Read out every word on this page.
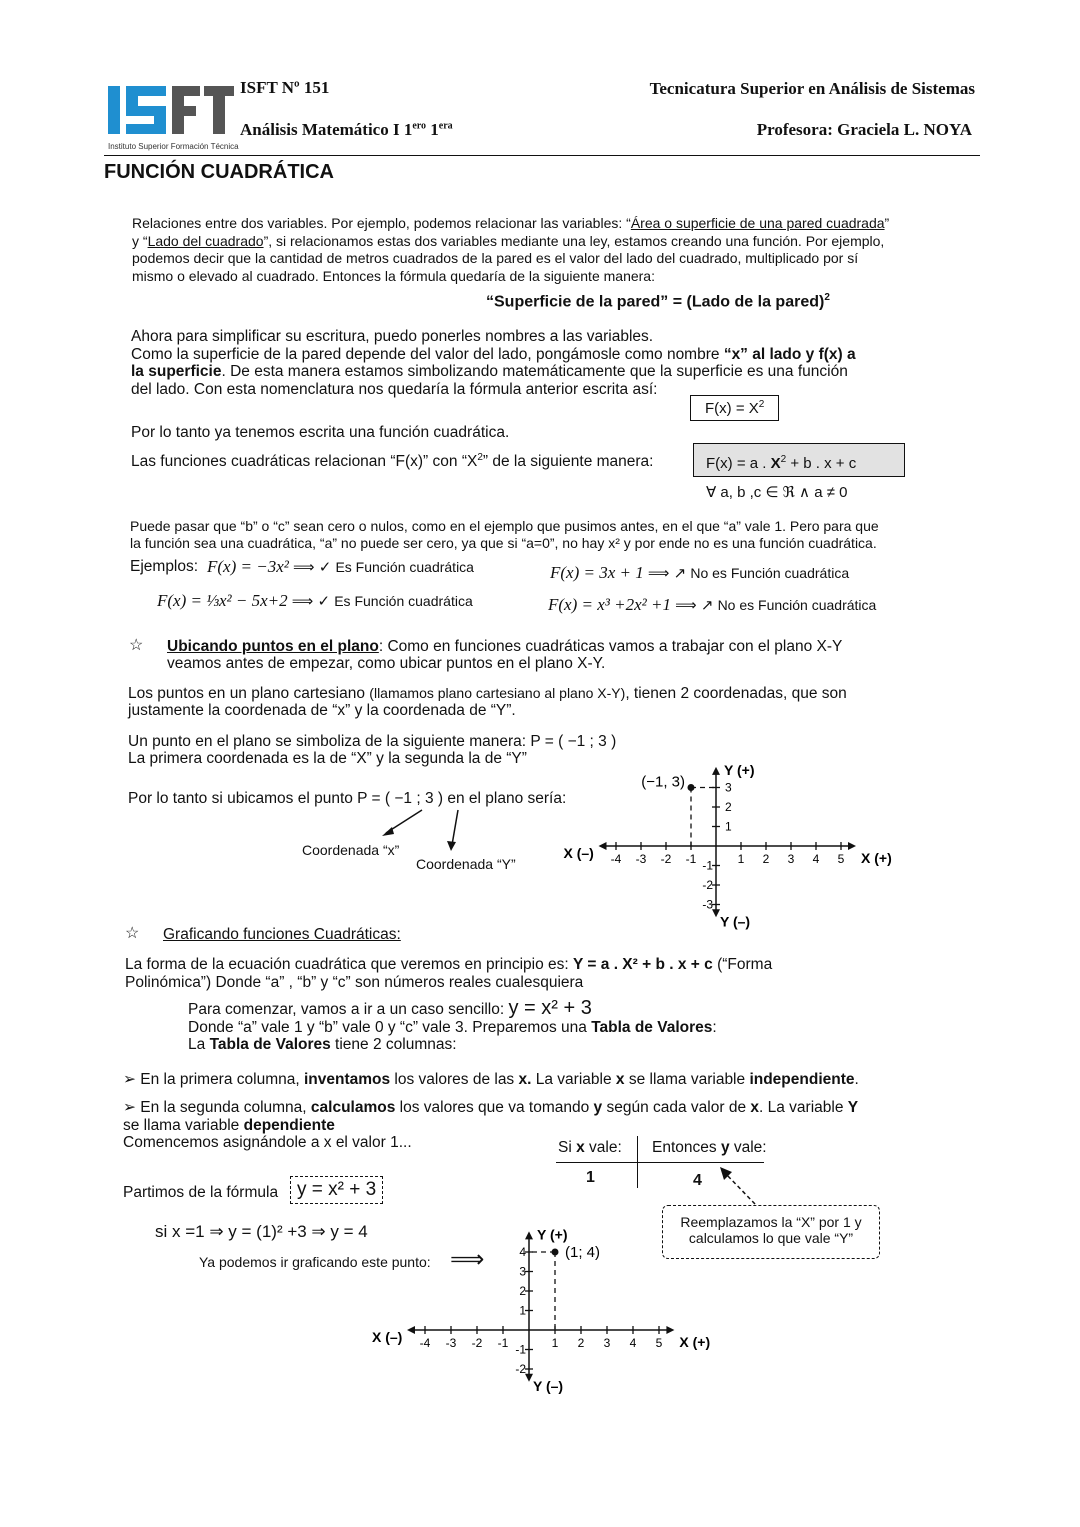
Instituto Superior Formación Técnica
ISFT Nº 151
Análisis Matemático I $1^{ero}$ $1^{era}$
Tecnicatura Superior en Análisis de Sistemas
Profesora: Graciela L. NOYA
FUNCIÓN CUADRÁTICA
Relaciones entre dos variables. Por ejemplo, podemos relacionar las variables: “Área o superficie de una pared cuadrada”
y “Lado del cuadrado”, si relacionamos estas dos variables mediante una ley, estamos creando una función. Por ejemplo,
podemos decir que la cantidad de metros cuadrados de la pared es el valor del lado del cuadrado, multiplicado por sí
mismo o elevado al cuadrado. Entonces la fórmula quedaría de la siguiente manera:
“Superficie de la pared” = (Lado de la pared)$^2$
Ahora para simplificar su escritura, puedo ponerles nombres a las variables.
Como la superficie de la pared depende del valor del lado, pongámosle como nombre “x” al lado y f(x) a
la superficie. De esta manera estamos simbolizando matemáticamente que la superficie es una función
del lado. Con esta nomenclatura nos quedaría la fórmula anterior escrita así:
$F(x) = X^2$
Por lo tanto ya tenemos escrita una función cuadrática.
Las funciones cuadráticas relacionan “F(x)” con “$X^2$” de la siguiente manera:	F(x) = a . $X^2 + b$ . x + c
∀ a, b ,c ∈ ℜ ∧ a ≠ 0
Puede pasar que “b” o “c” sean cero o nulos, como en el ejemplo que pusimos antes, en el que “a” vale 1. Pero para que
la función sea una cuadrática, “a” no puede ser cero, ya que si “a=0”, no hay x² y por ende no es una función cuadrática.
Ejemplos: F(x) = −3x² ⟹ ✓ Es Función cuadrática	F(x) = 3x + 1 ⟹ ↗ No es Función cuadrática
F(x) = ⅓x² − 5x+2 ⟹ ✓ Es Función cuadrática	F(x) = x³ +2x² +1 ⟹ ↗ No es Función cuadrática
☆ Ubicando puntos en el plano: Como en funciones cuadráticas vamos a trabajar con el plano X-Y
veamos antes de empezar, como ubicar puntos en el plano X-Y.
Los puntos en un plano cartesiano (llamamos plano cartesiano al plano X-Y), tienen 2 coordenadas, que son
justamente la coordenada de “x” y la coordenada de “Y”.
Un punto en el plano se simboliza de la siguiente manera: P = ( −1 ; 3 )
La primera coordenada es la de “X” y la segunda la de “Y”
Por lo tanto si ubicamos el punto P = ( −1 ; 3 ) en el plano sería:
Coordenada “x”
Coordenada “Y”	-4 -3 -2 -1	1 2 3 4 5
-3
-2
-1
1
2
3
X (–)	X (+)
Y (+)
Y (–)
(−1, 3)
☆ Graficando funciones Cuadráticas:
La forma de la ecuación cuadrática que veremos en principio es: Y = a . X² + b . x + c (“Forma
Polinómica”) Donde “a” , “b” y “c” son números reales cualesquiera
Para comenzar, vamos a ir a un caso sencillo: y = x² + 3
Donde “a” vale 1 y “b” vale 0 y “c” vale 3. Preparemos una Tabla de Valores:
La Tabla de Valores tiene 2 columnas:
➢ En la primera columna, inventamos los valores de las x. La variable x se llama variable independiente.
➢ En la segunda columna, calculamos los valores que va tomando y según cada valor de x. La variable Y
se llama variable dependiente
Comencemos asignándole a x el valor 1...	Si x vale: Entonces y vale:
1	4
Partimos de la fórmula y = x² + 3
si x =1 ⇒ y = (1)² +3 ⇒ y = 4
Ya podemos ir graficando este punto: ⟹
Reemplazamos la “X” por 1 y
calculamos lo que vale “Y”
-4 -3 -2 -1	1 2 3 4 5
-2
-1
1
2
3
4
X (–)	X (+)
Y (+)
Y (–)
(1; 4)
